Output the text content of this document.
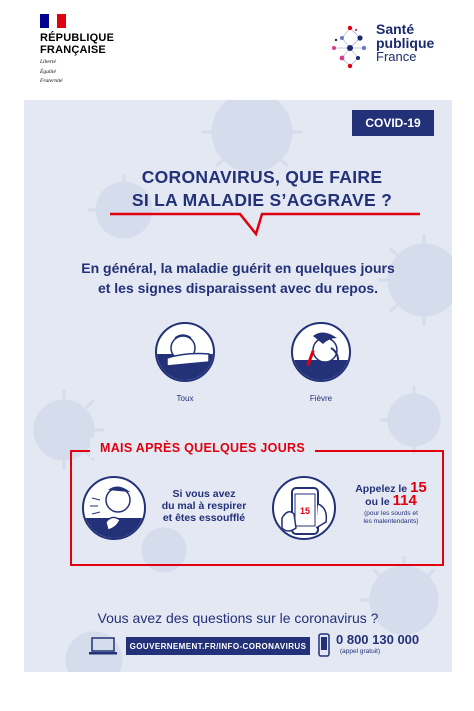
RÉPUBLIQUE
FRANÇAISE
Liberté
Égalité
Fraternité
Santé
publique
France
COVID-19
CORONAVIRUS, QUE FAIRE
SI LA MALADIE S’AGGRAVE ?
En général, la maladie guérit en quelques jours
et les signes disparaissent avec du repos.
Toux	Fièvre
MAIS APRÈS QUELQUES JOURS
Si vous avez
du mal à respirer
et êtes essoufflé
15
Appelez le 15
ou le 114
(pour les sourds et
les malentendants)
Vous avez des questions sur le coronavirus ?
GOUVERNEMENT.FR/INFO-CORONAVIRUS 0 800 130 000
(appel gratuit)
